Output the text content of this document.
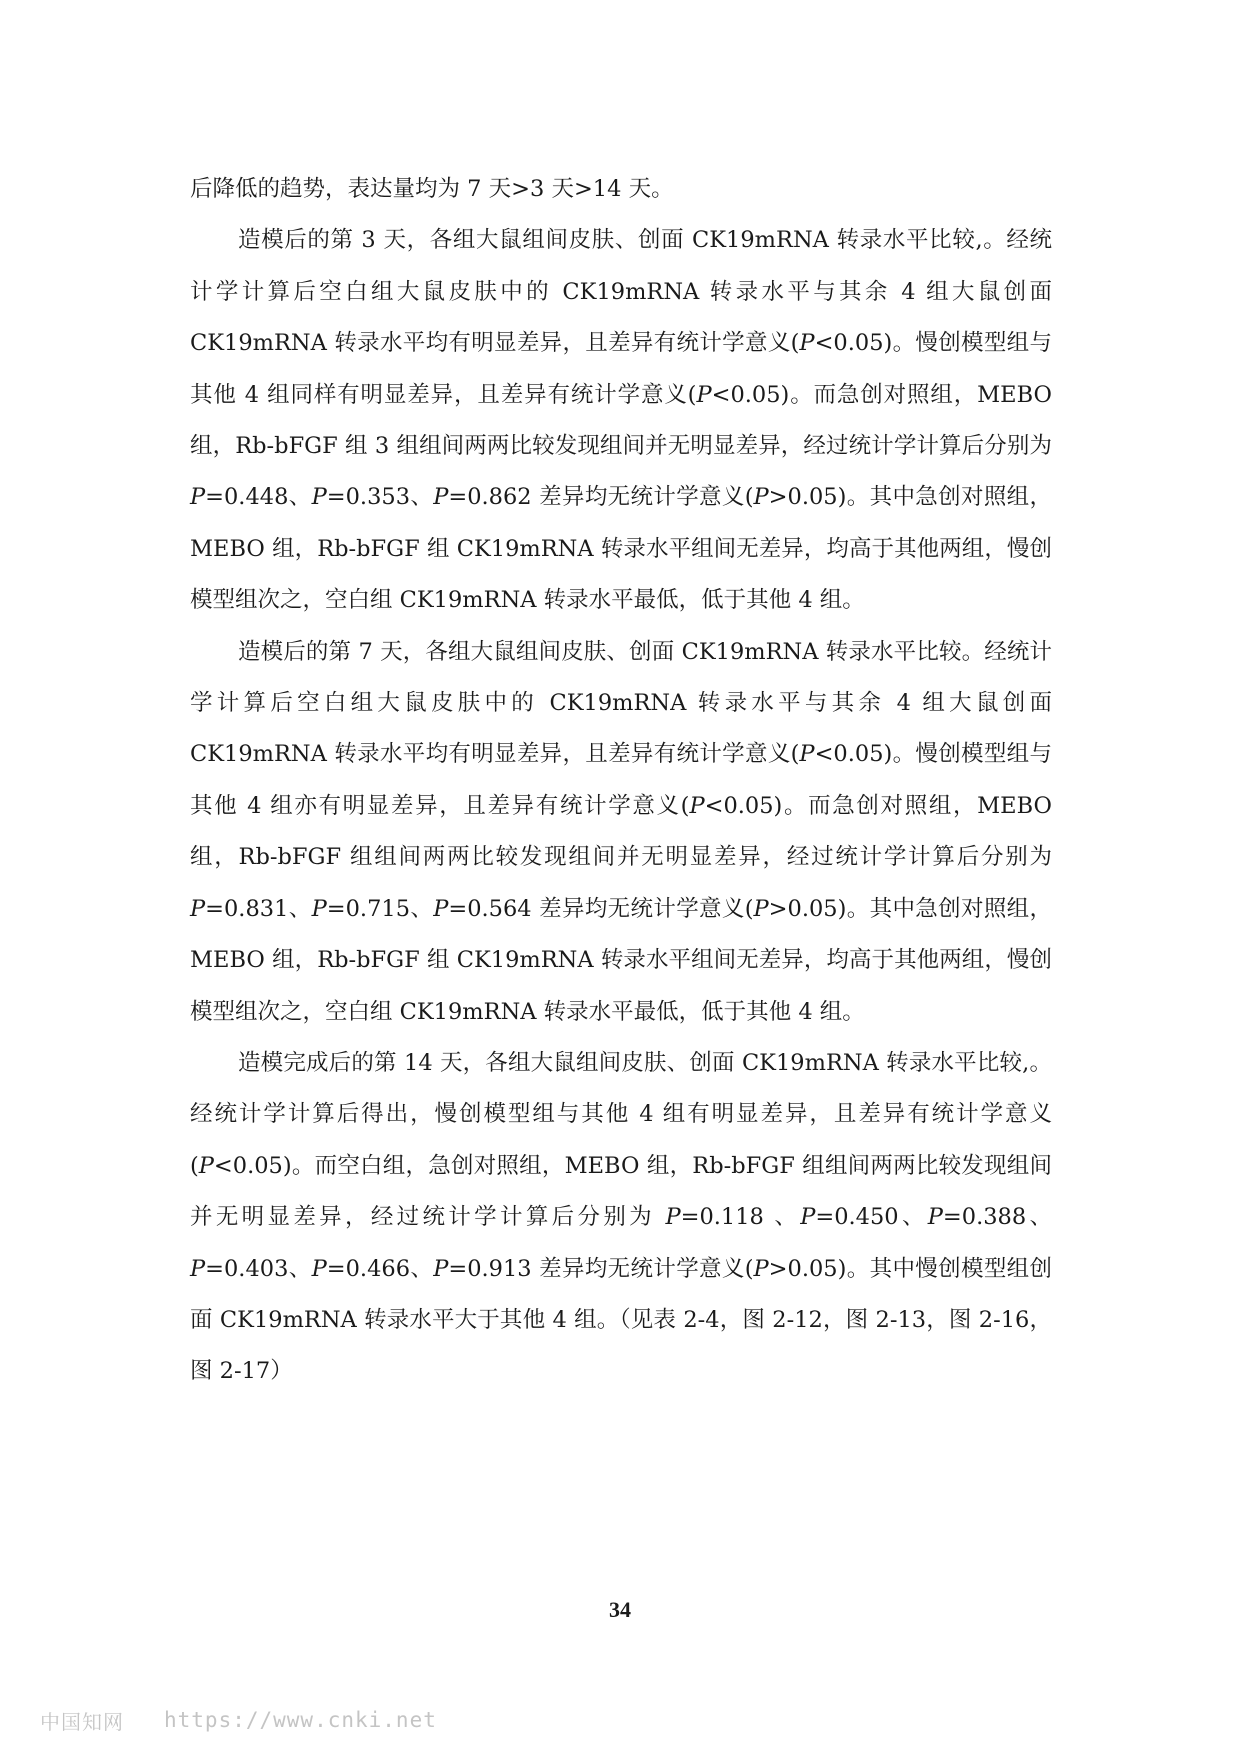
后降低的趋势，表达量均为 7 天>3 天>14 天。

造模后的第 3 天，各组大鼠组间皮肤、创面 CK19mRNA 转录水平比较,。经统计学计算后空白组大鼠皮肤中的 CK19mRNA 转录水平与其余 4 组大鼠创面 CK19mRNA 转录水平均有明显差异，且差异有统计学意义(P<0.05)。慢创模型组与其他 4 组同样有明显差异，且差异有统计学意义(P<0.05)。而急创对照组，MEBO 组，Rb-bFGF 组 3 组组间两两比较发现组间并无明显差异，经过统计学计算后分别为 P=0.448、P=0.353、P=0.862 差异均无统计学意义(P>0.05)。其中急创对照组，MEBO 组，Rb-bFGF 组 CK19mRNA 转录水平组间无差异，均高于其他两组，慢创模型组次之，空白组 CK19mRNA 转录水平最低，低于其他 4 组。

造模后的第 7 天，各组大鼠组间皮肤、创面 CK19mRNA 转录水平比较。经统计学计算后空白组大鼠皮肤中的 CK19mRNA 转录水平与其余 4 组大鼠创面 CK19mRNA 转录水平均有明显差异，且差异有统计学意义(P<0.05)。慢创模型组与其他 4 组亦有明显差异，且差异有统计学意义(P<0.05)。而急创对照组，MEBO 组，Rb-bFGF 组组间两两比较发现组间并无明显差异，经过统计学计算后分别为 P=0.831、P=0.715、P=0.564 差异均无统计学意义(P>0.05)。其中急创对照组，MEBO 组，Rb-bFGF 组 CK19mRNA 转录水平组间无差异，均高于其他两组，慢创模型组次之，空白组 CK19mRNA 转录水平最低，低于其他 4 组。

造模完成后的第 14 天，各组大鼠组间皮肤、创面 CK19mRNA 转录水平比较,。经统计学计算后得出，慢创模型组与其他 4 组有明显差异，且差异有统计学意义(P<0.05)。而空白组，急创对照组，MEBO 组，Rb-bFGF 组组间两两比较发现组间并无明显差异，经过统计学计算后分别为 P=0.118 、P=0.450、P=0.388、P=0.403、P=0.466、P=0.913 差异均无统计学意义(P>0.05)。其中慢创模型组创面 CK19mRNA 转录水平大于其他 4 组。（见表 2-4，图 2-12，图 2-13，图 2-16，图 2-17）

34
中国知网 https://www.cnki.net
